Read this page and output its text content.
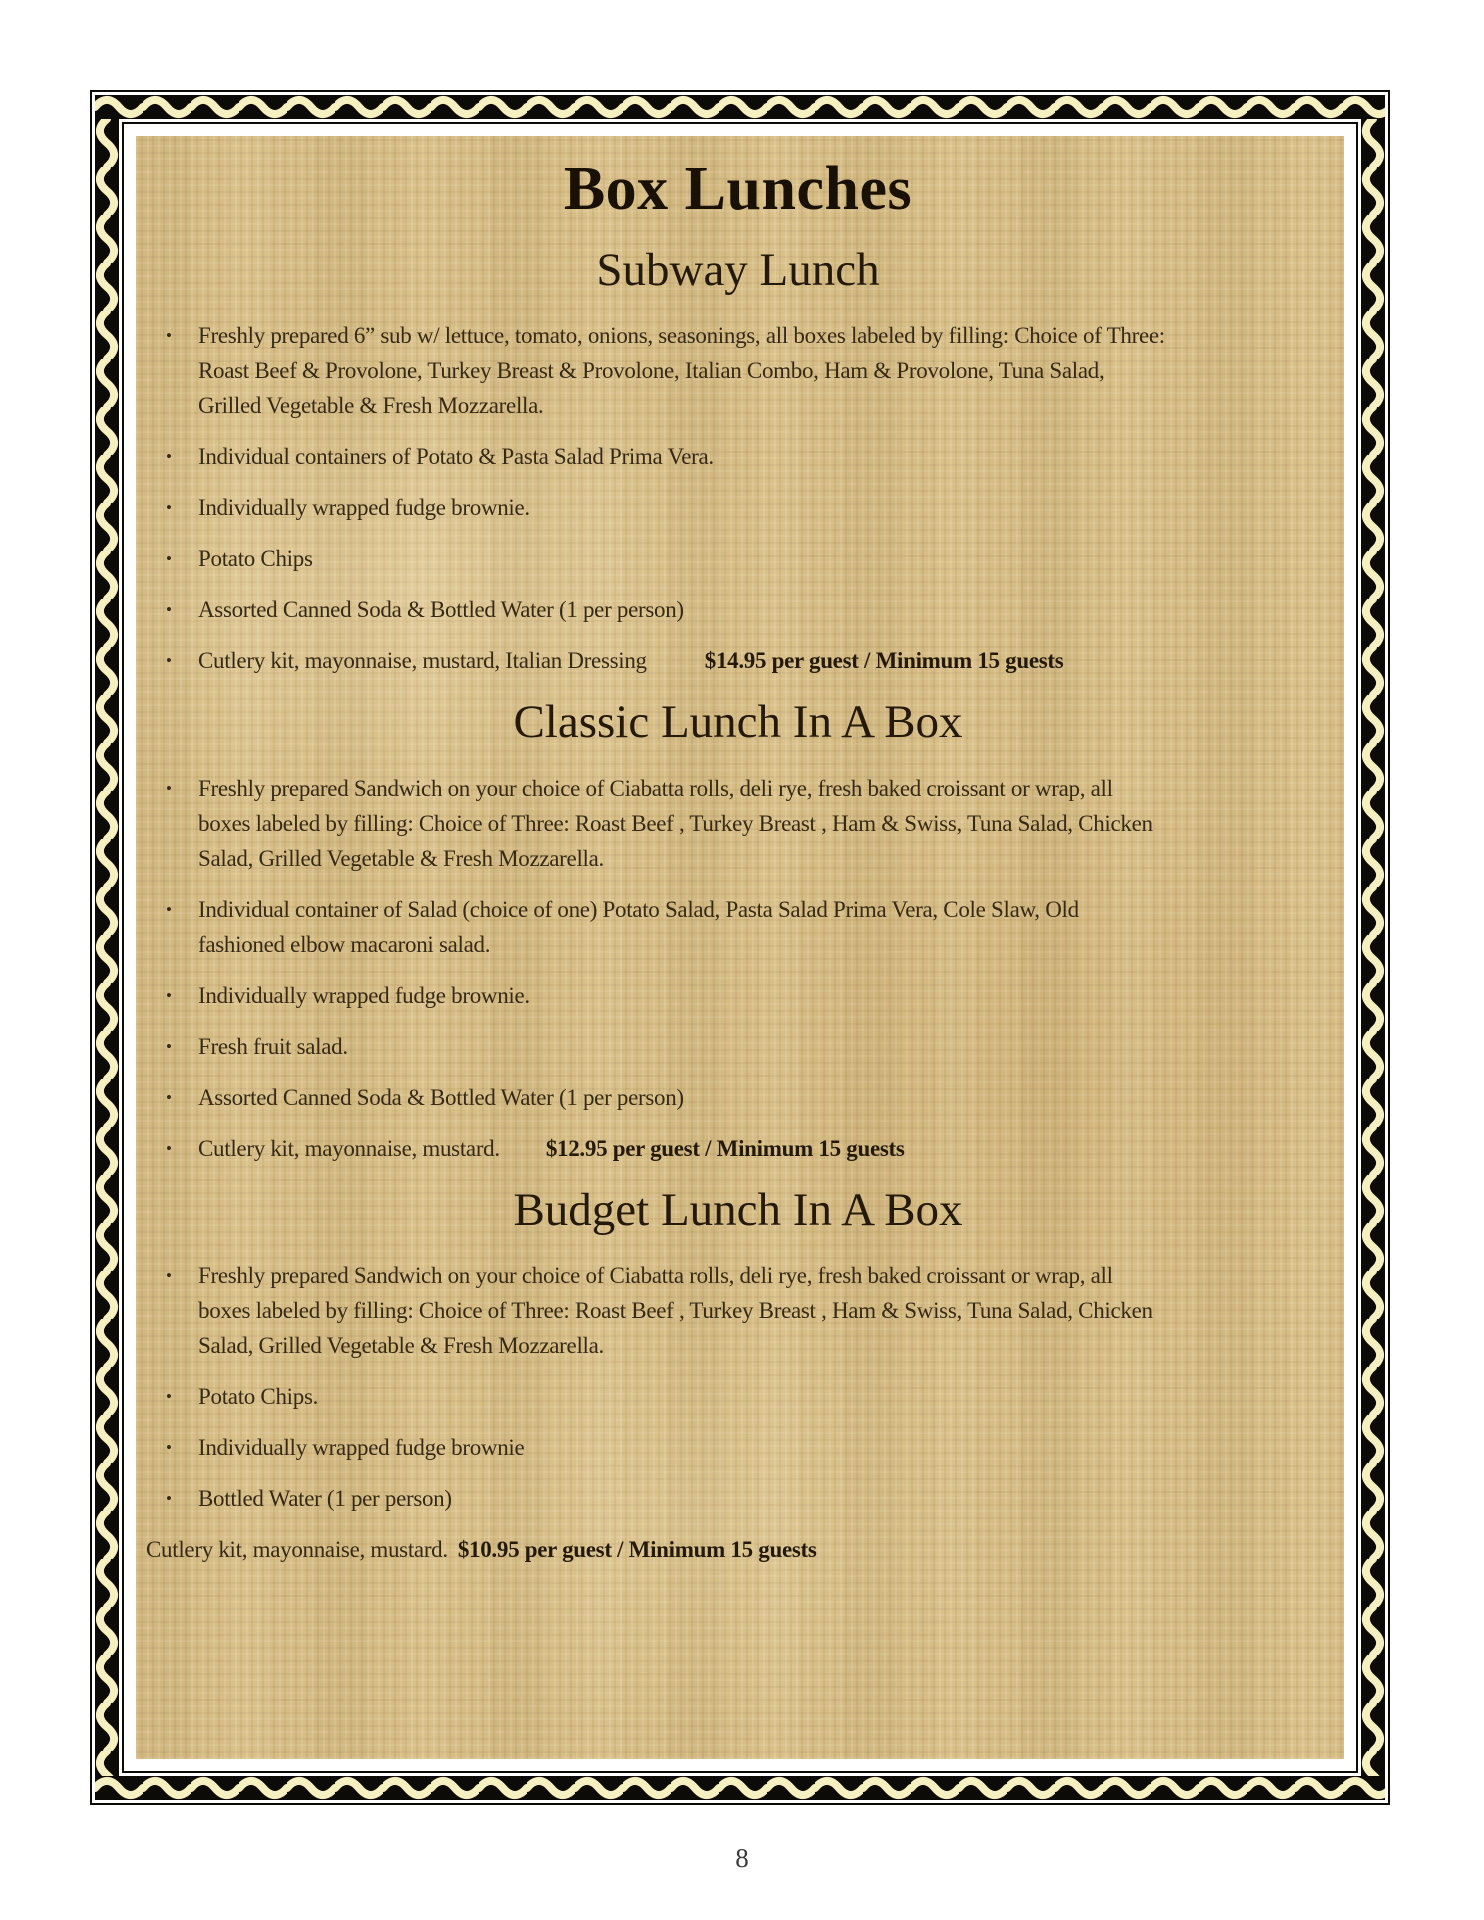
Box Lunches
Subway Lunch
•	Freshly prepared 6” sub w/ lettuce, tomato, onions, seasonings, all boxes labeled by filling: Choice of Three:
Roast Beef & Provolone, Turkey Breast & Provolone, Italian Combo, Ham & Provolone, Tuna Salad,
Grilled Vegetable & Fresh Mozzarella.

•	Individual containers of Potato & Pasta Salad Prima Vera.

•	Individually wrapped fudge brownie.

•	Potato Chips

•	Assorted Canned Soda & Bottled Water (1 per person)

•	Cutlery kit, mayonnaise, mustard, Italian Dressing	$14.95 per guest / Minimum 15 guests

Classic Lunch In A Box
•	Freshly prepared Sandwich on your choice of Ciabatta rolls, deli rye, fresh baked croissant or wrap, all
boxes labeled by filling: Choice of Three: Roast Beef , Turkey Breast , Ham & Swiss, Tuna Salad, Chicken
Salad, Grilled Vegetable & Fresh Mozzarella.

•	Individual container of Salad (choice of one) Potato Salad, Pasta Salad Prima Vera, Cole Slaw, Old
fashioned elbow macaroni salad.

•	Individually wrapped fudge brownie.

•	Fresh fruit salad.

•	Assorted Canned Soda & Bottled Water (1 per person)

•	Cutlery kit, mayonnaise, mustard. $12.95 per guest / Minimum 15 guests

Budget Lunch In A Box
•	Freshly prepared Sandwich on your choice of Ciabatta rolls, deli rye, fresh baked croissant or wrap, all
boxes labeled by filling: Choice of Three: Roast Beef , Turkey Breast , Ham & Swiss, Tuna Salad, Chicken
Salad, Grilled Vegetable & Fresh Mozzarella.

•	Potato Chips.

•	Individually wrapped fudge brownie

•	Bottled Water (1 per person)

Cutlery kit, mayonnaise, mustard. $10.95 per guest / Minimum 15 guests

8
